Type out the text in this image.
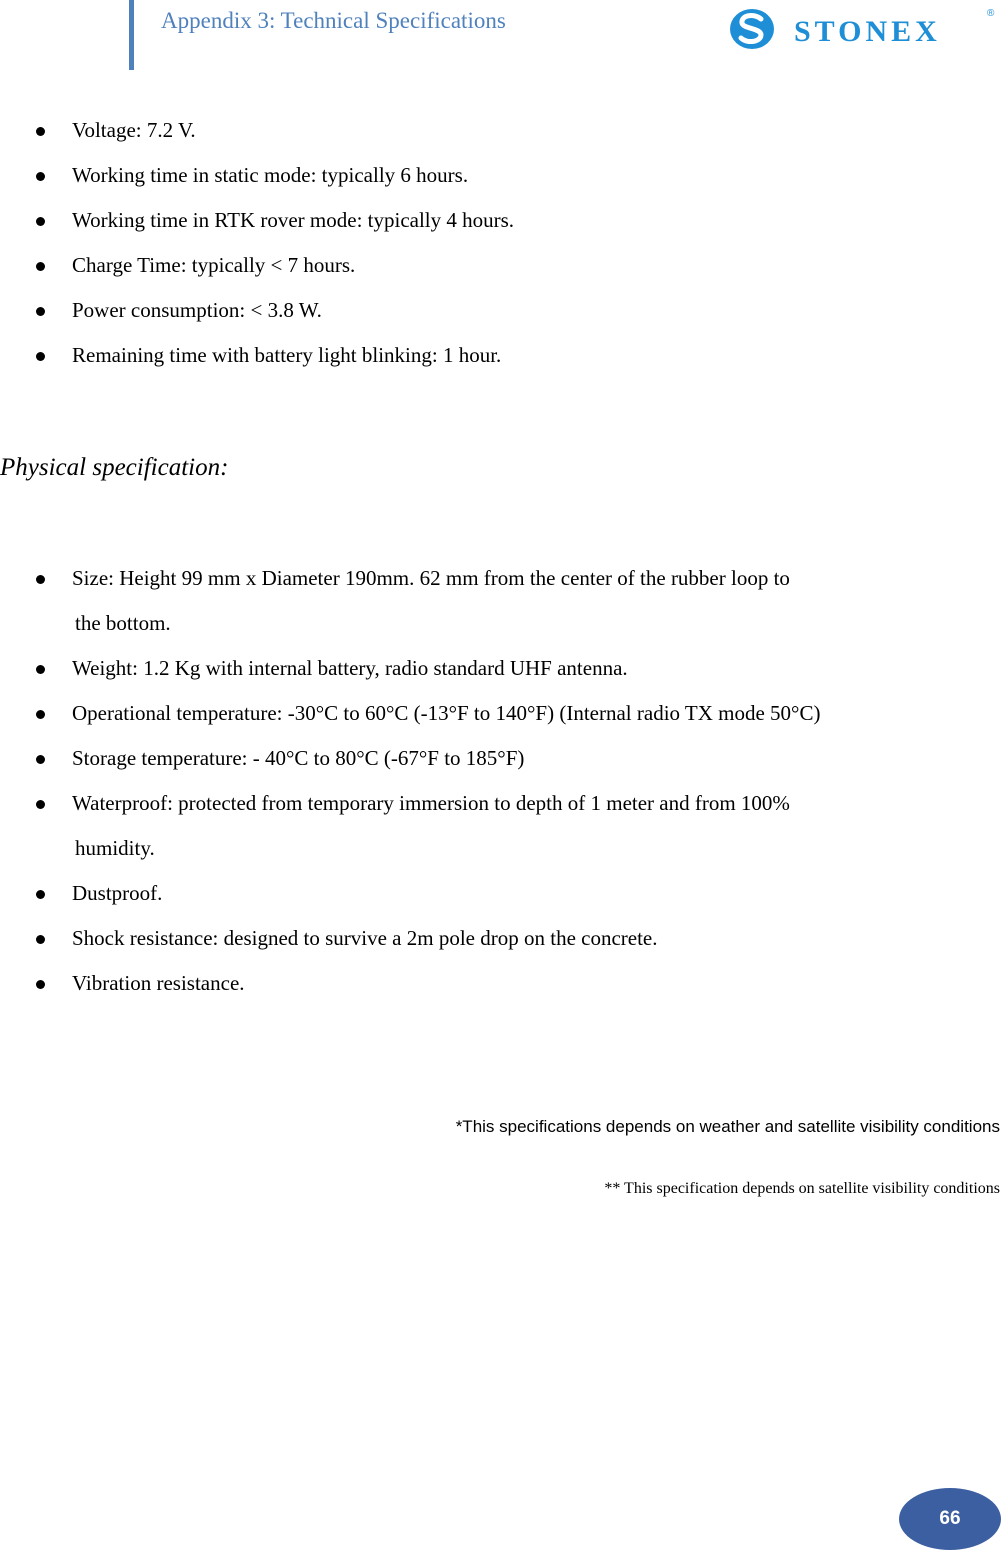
Appendix 3: Technical Specifications	STONEX
®
Voltage: 7.2 V.
Working time in static mode: typically 6 hours.
Working time in RTK rover mode: typically 4 hours.
Charge Time: typically < 7 hours.
Power consumption: < 3.8 W.
Remaining time with battery light blinking: 1 hour.
Physical specification:
Size: Height 99 mm x Diameter 190mm. 62 mm from the center of the rubber loop to
the bottom.
Weight: 1.2 Kg with internal battery, radio standard UHF antenna.
Operational temperature: -30°C to 60°C (-13°F to 140°F) (Internal radio TX mode 50°C)
Storage temperature: - 40°C to 80°C (-67°F to 185°F)
Waterproof: protected from temporary immersion to depth of 1 meter and from 100%
humidity.
Dustproof.
Shock resistance: designed to survive a 2m pole drop on the concrete.
Vibration resistance.
*This specifications depends on weather and satellite visibility conditions
** This specification depends on satellite visibility conditions
66
